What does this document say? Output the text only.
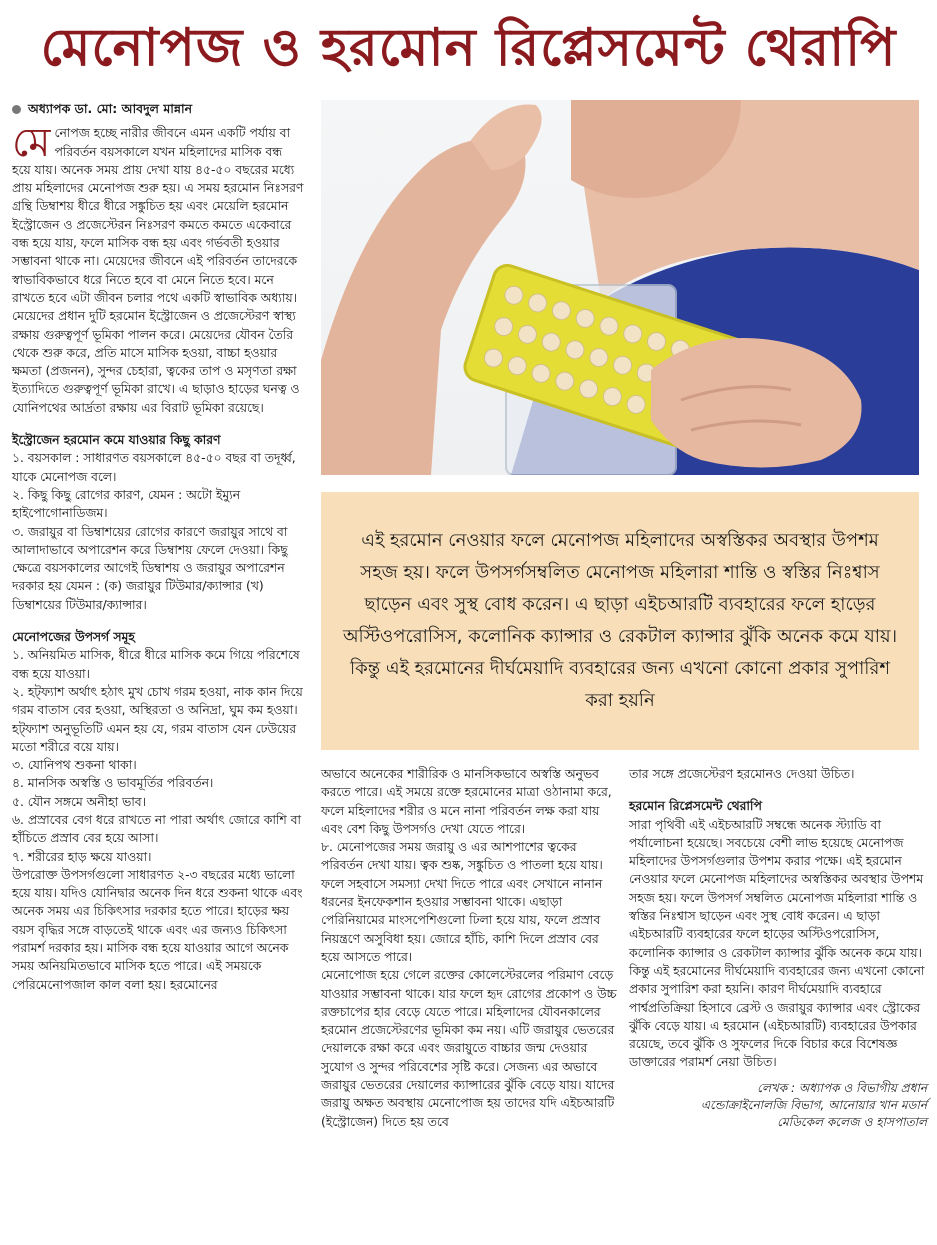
মেনোপজ ও হরমোন রিপ্লেসমেন্ট থেরাপি
অধ্যাপক ডা. মো: আবদুল মান্নান

মেনোপজ হচ্ছে নারীর জীবনে এমন একটি পর্যায় বা পরিবর্তন বয়সকালে যখন মহিলাদের মাসিক বন্ধ হয়ে যায়। অনেক সময় প্রায় দেখা যায় ৪৫-৫০ বছরের মধ্যে প্রায় মহিলাদের মেনোপজ শুরু হয়। এ সময় হরমোন নিঃসরণ গ্রন্থি ডিম্বাশয় ধীরে ধীরে সঙ্কুচিত হয় এবং মেয়েলি হরমোন ইস্ট্রোজেন ও প্রজেস্টেরন নিঃসরণ কমতে কমতে একেবারে বন্ধ হয়ে যায়, ফলে মাসিক বন্ধ হয় এবং গর্ভবতী হওয়ার সম্ভাবনা থাকে না। মেয়েদের জীবনে এই পরিবর্তন তাদেরকে স্বাভাবিকভাবে ধরে নিতে হবে বা মেনে নিতে হবে। মনে রাখতে হবে এটা জীবন চলার পথে একটি স্বাভাবিক অধ্যায়। মেয়েদের প্রধান দুটি হরমোন ইস্ট্রোজেন ও প্রজেস্টেরণ স্বাস্থ্য রক্ষায় গুরুত্বপূর্ণ ভূমিকা পালন করে। মেয়েদের যৌবন তৈরি থেকে শুরু করে, প্রতি মাসে মাসিক হওয়া, বাচ্চা হওয়ার ক্ষমতা (প্রজনন), সুন্দর চেহারা, ত্বকের তাপ ও মসৃণতা রক্ষা ইত্যাদিতে গুরুত্বপূর্ণ ভূমিকা রাখে। এ ছাড়াও হাড়ের ঘনত্ব ও যোনিপথের আর্দ্রতা রক্ষায় এর বিরাট ভূমিকা রয়েছে।

ইস্ট্রোজেন হরমোন কমে যাওয়ার কিছু কারণ
১. বয়সকাল : সাধারণত বয়সকালে ৪৫-৫০ বছর বা তদূর্ধ্ব, যাকে মেনোপজ বলে।
২. কিছু কিছু রোগের কারণ, যেমন : অটো ইম্যুন হাইপোগোনাডিজম।
৩. জরায়ুর বা ডিম্বাশয়ের রোগের কারণে জরায়ুর সাথে বা আলাদাভাবে অপারেশন করে ডিম্বাশয় ফেলে দেওয়া। কিছু ক্ষেত্রে বয়সকালের আগেই ডিম্বাশয় ও জরায়ুর অপারেশন দরকার হয় যেমন : (ক) জরায়ুর টিউমার/ক্যান্সার (খ) ডিম্বাশয়ের টিউমার/ক্যান্সার।
মেনোপজের উপসর্গ সমূহ
১. অনিয়মিত মাসিক, ধীরে ধীরে মাসিক কমে গিয়ে পরিশেষে বন্ধ হয়ে যাওয়া।
২. হট্‌ফ্যাশ অর্থাৎ হঠাৎ মুখ চোখ গরম হওয়া, নাক কান দিয়ে গরম বাতাস বের হওয়া, অস্থিরতা ও অনিদ্রা, ঘুম কম হওয়া। হট্‌ফ্যাশ অনুভূতিটি এমন হয় যে, গরম বাতাস যেন ঢেউয়ের মতো শরীরে বয়ে যায়।
৩. যোনিপথ শুকনা থাকা।
৪. মানসিক অস্বস্তি ও ভাবমূর্তির পরিবর্তন।
৫. যৌন সঙ্গমে অনীহা ভাব।
৬. প্রস্রাবের বেগ ধরে রাখতে না পারা অর্থাৎ জোরে কাশি বা হাঁচিতে প্রস্রাব বের হয়ে আসা।
৭. শরীরের হাড় ক্ষয়ে যাওয়া।

উপরোক্ত উপসর্গগুলো সাধারণত ২-৩ বছরের মধ্যে ভালো হয়ে যায়। যদিও যোনিদ্বার অনেক দিন ধরে শুকনা থাকে এবং অনেক সময় এর চিকিৎসার দরকার হতে পারে। হাড়ের ক্ষয় বয়স বৃদ্ধির সঙ্গে বাড়তেই থাকে এবং এর জন্যও চিকিৎসা পরামর্শ দরকার হয়। মাসিক বন্ধ হয়ে যাওয়ার আগে অনেক সময় অনিয়মিতভাবে মাসিক হতে পারে। এই সময়কে পেরিমেনোপজাল কাল বলা হয়। হরমোনের

এই হরমোন নেওয়ার ফলে মেনোপজ মহিলাদের অস্বস্তিকর অবস্থার উপশম সহজ হয়। ফলে উপসর্গসম্বলিত মেনোপজ মহিলারা শান্তি ও স্বস্তির নিঃশ্বাস ছাড়েন এবং সুস্থ বোধ করেন। এ ছাড়া এইচআরটি ব্যবহারের ফলে হাড়ের অস্টিওপরোসিস, কলোনিক ক্যান্সার ও রেকটাল ক্যান্সার ঝুঁকি অনেক কমে যায়। কিন্তু এই হরমোনের দীর্ঘমেয়াদি ব্যবহারের জন্য এখনো কোনো প্রকার সুপারিশ করা হয়নি

অভাবে অনেকের শারীরিক ও মানসিকভাবে অস্বস্তি অনুভব করতে পারে। এই সময়ে রক্তে হরমোনের মাত্রা ওঠানামা করে, ফলে মহিলাদের শরীর ও মনে নানা পরিবর্তন লক্ষ করা যায় এবং বেশ কিছু উপসর্গও দেখা যেতে পারে।

৮. মেনোপজের সময় জরায়ু ও এর আশপাশের ত্বকের পরিবর্তন দেখা যায়। ত্বক শুষ্ক, সঙ্কুচিত ও পাতলা হয়ে যায়। ফলে সহবাসে সমস্যা দেখা দিতে পারে এবং সেখানে নানান ধরনের ইনফেকশান হওয়ার সম্ভাবনা থাকে। এছাড়া পেরিনিয়ামের মাংসপেশিগুলো ঢিলা হয়ে যায়, ফলে প্রস্রাব নিয়ন্ত্রণে অসুবিধা হয়। জোরে হাঁচি, কাশি দিলে প্রস্রাব বের হয়ে আসতে পারে।

মেনোপোজ হয়ে গেলে রক্তের কোলেস্টেরলের পরিমাণ বেড়ে যাওয়ার সম্ভাবনা থাকে। যার ফলে হৃদ রোগের প্রকোপ ও উচ্চ রক্তচাপের হার বেড়ে যেতে পারে। মহিলাদের যৌবনকালের হরমোন প্রজেস্টেরণের ভূমিকা কম নয়। এটি জরায়ুর ভেতরের দেয়ালকে রক্ষা করে এবং জরায়ুতে বাচ্চার জন্ম দেওয়ার সুযোগ ও সুন্দর পরিবেশের সৃষ্টি করে। সেজন্য এর অভাবে জরায়ুর ভেতরের দেয়ালের ক্যান্সারের ঝুঁকি বেড়ে যায়। যাদের জরায়ু অক্ষত অবস্থায় মেনোপোজ হয় তাদের যদি এইচআরটি (ইস্ট্রোজেন) দিতে হয় তবে

তার সঙ্গে প্রজেস্টেরণ হরমোনও দেওয়া উচিত।

হরমোন রিপ্লেসমেন্ট থেরাপি

সারা পৃথিবী এই এইচআরটি সম্বন্ধে অনেক স্ট্যাডি বা পর্যালোচনা হয়েছে। সবচেয়ে বেশী লাভ হয়েছে মেনোপজ মহিলাদের উপসর্গগুলার উপশম করার পক্ষে। এই হরমোন নেওয়ার ফলে মেনোপজ মহিলাদের অস্বস্তিকর অবস্থার উপশম সহজ হয়। ফলে উপসর্গ সম্বলিত মেনোপজ মহিলারা শান্তি ও স্বস্তির নিঃশ্বাস ছাড়েন এবং সুস্থ বোধ করেন। এ ছাড়া এইচআরটি ব্যবহারের ফলে হাড়ের অস্টিওপরোসিস, কলোনিক ক্যান্সার ও রেকটাল ক্যান্সার ঝুঁকি অনেক কমে যায়। কিন্তু এই হরমোনের দীর্ঘমেয়াদি ব্যবহারের জন্য এখনো কোনো প্রকার সুপারিশ করা হয়নি। কারণ দীর্ঘমেয়াদি ব্যবহারে পার্শ্বপ্রতিক্রিয়া হিসাবে ব্রেস্ট ও জরায়ুর ক্যান্সার এবং স্ট্রোকের ঝুঁকি বেড়ে যায়। এ হরমোন (এইচআরটি) ব্যবহারের উপকার রয়েছে, তবে ঝুঁকি ও সুফলের দিকে বিচার করে বিশেষজ্ঞ ডাক্তারের পরামর্শ নেয়া উচিত।

লেখক : অধ্যাপক ও বিভাগীয় প্রধান
এন্ডোক্রাইনোলজি বিভাগ, আনোয়ার খান মডার্ন
মেডিকেল কলেজ ও হাসপাতাল
